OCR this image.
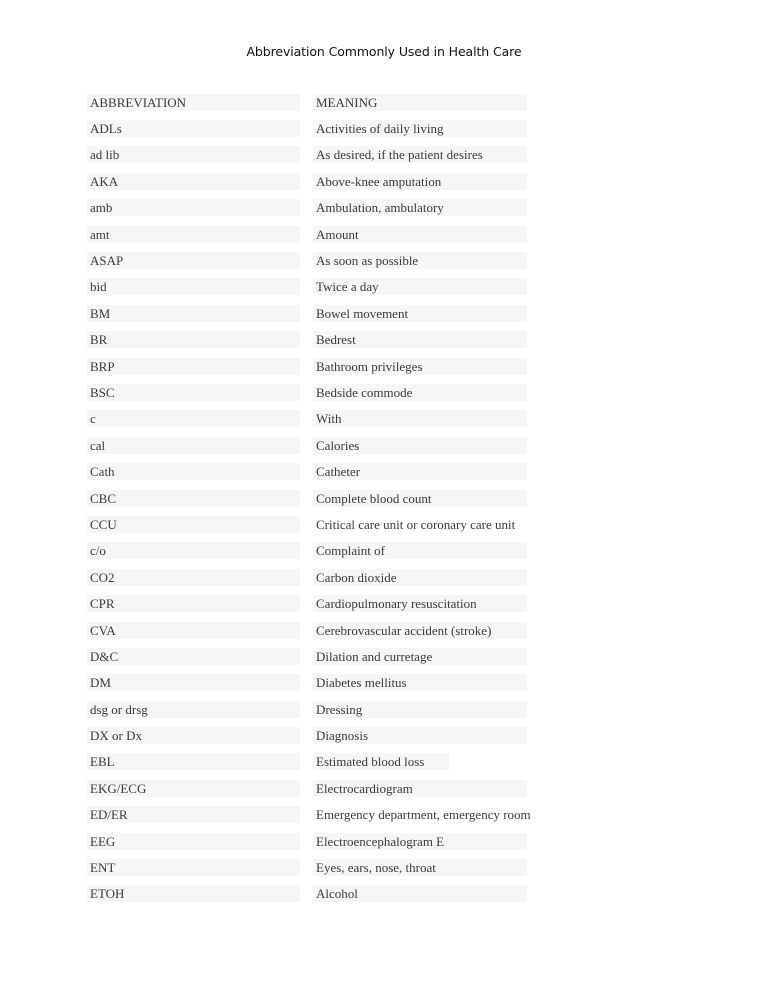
Abbreviation Commonly Used in Health Care
ABBREVIATION	MEANING
ADLs	Activities of daily living
ad lib	As desired, if the patient desires
AKA	Above-knee amputation
amb	Ambulation, ambulatory
amt	Amount
ASAP	As soon as possible
bid	Twice a day
BM	Bowel movement
BR	Bedrest
BRP	Bathroom privileges
BSC	Bedside commode
c	With
cal	Calories
Cath	Catheter
CBC	Complete blood count
CCU	Critical care unit or coronary care unit
c/o	Complaint of
CO2	Carbon dioxide
CPR	Cardiopulmonary resuscitation
CVA	Cerebrovascular accident (stroke)
D&C	Dilation and curretage
DM	Diabetes mellitus
dsg or drsg	Dressing
DX or Dx	Diagnosis
EBL	Estimated blood loss
EKG/ECG	Electrocardiogram
ED/ER	Emergency department, emergency room
EEG	Electroencephalogram E
ENT	Eyes, ears, nose, throat
ETOH	Alcohol
